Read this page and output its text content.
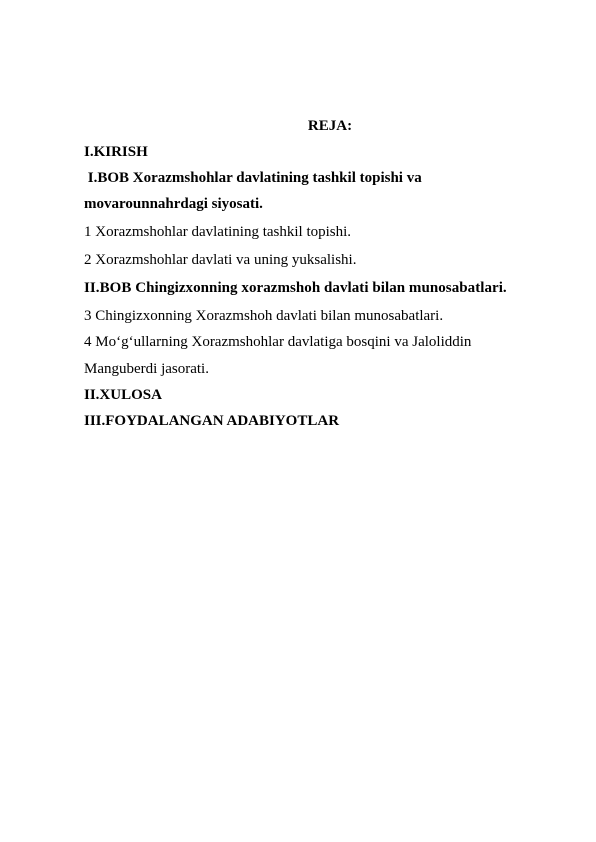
REJA:
I.KIRISH
I.BOB Xorazmshohlar davlatining tashkil topishi va
movarounnahrdagi siyosati.
1 Xorazmshohlar davlatining tashkil topishi.
2 Xorazmshohlar davlati va uning yuksalishi.
II.BOB Chingizxonning xorazmshoh davlati bilan munosabatlari.
3 Chingizxonning Xorazmshoh davlati bilan munosabatlari.
4 Mo‘g‘ullarning Xorazmshohlar davlatiga bosqini va Jaloliddin
Manguberdi jasorati.
II.XULOSA
III.FOYDALANGAN ADABIYOTLAR
